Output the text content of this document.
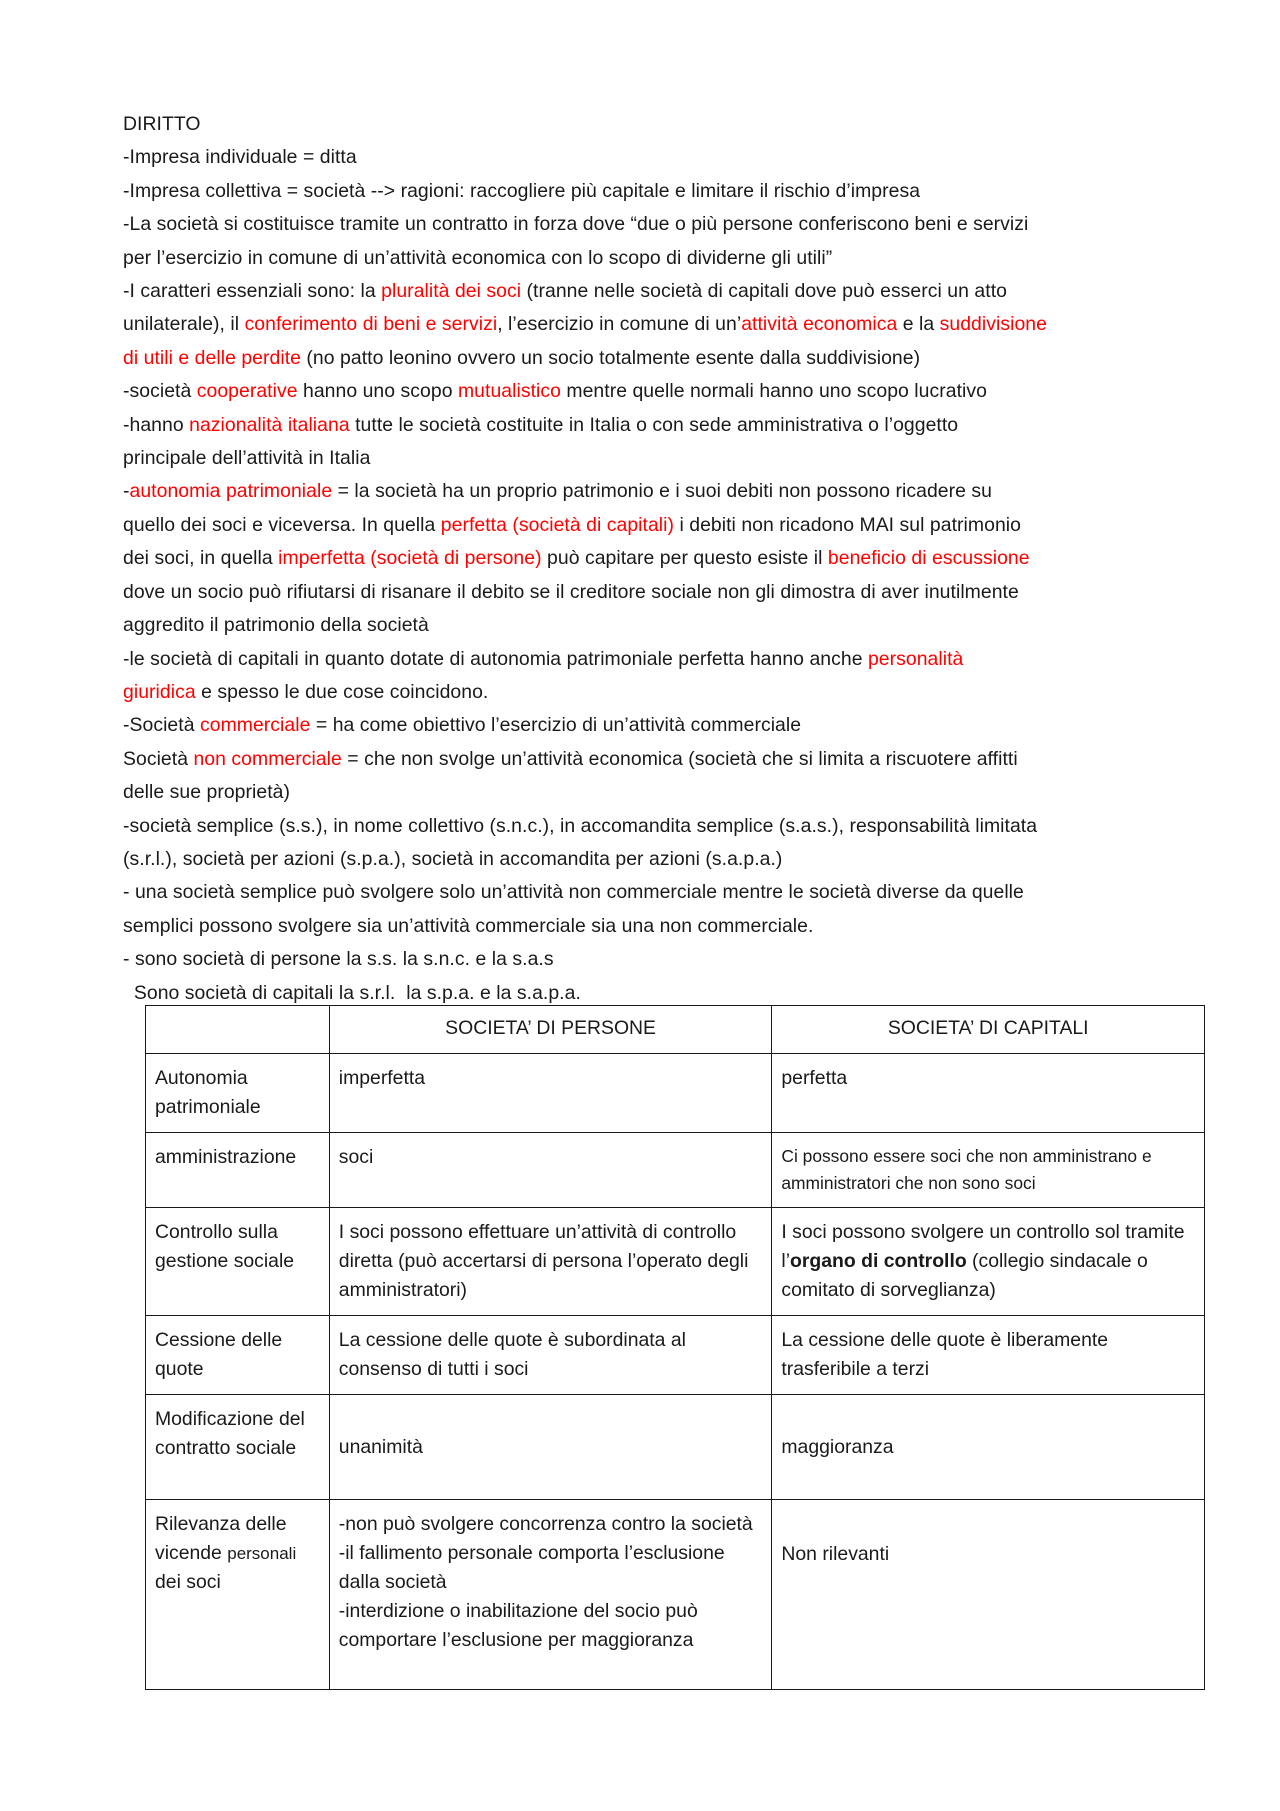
DIRITTO

-Impresa individuale = ditta

-Impresa collettiva = società --> ragioni: raccogliere più capitale e limitare il rischio d’impresa

-La società si costituisce tramite un contratto in forza dove “due o più persone conferiscono beni e servizi

per l’esercizio in comune di un’attività economica con lo scopo di dividerne gli utili”

-I caratteri essenziali sono: la pluralità dei soci (tranne nelle società di capitali dove può esserci un atto

unilaterale), il conferimento di beni e servizi, l’esercizio in comune di un’attività economica e la suddivisione

di utili e delle perdite (no patto leonino ovvero un socio totalmente esente dalla suddivisione)

-società cooperative hanno uno scopo mutualistico mentre quelle normali hanno uno scopo lucrativo

-hanno nazionalità italiana tutte le società costituite in Italia o con sede amministrativa o l’oggetto

principale dell’attività in Italia

-autonomia patrimoniale = la società ha un proprio patrimonio e i suoi debiti non possono ricadere su

quello dei soci e viceversa. In quella perfetta (società di capitali) i debiti non ricadono MAI sul patrimonio

dei soci, in quella imperfetta (società di persone) può capitare per questo esiste il beneficio di escussione

dove un socio può rifiutarsi di risanare il debito se il creditore sociale non gli dimostra di aver inutilmente

aggredito il patrimonio della società

-le società di capitali in quanto dotate di autonomia patrimoniale perfetta hanno anche personalità

giuridica e spesso le due cose coincidono.

-Società commerciale = ha come obiettivo l’esercizio di un’attività commerciale

Società non commerciale = che non svolge un’attività economica (società che si limita a riscuotere affitti

delle sue proprietà)

-società semplice (s.s.), in nome collettivo (s.n.c.), in accomandita semplice (s.a.s.), responsabilità limitata

(s.r.l.), società per azioni (s.p.a.), società in accomandita per azioni (s.a.p.a.)

- una società semplice può svolgere solo un’attività non commerciale mentre le società diverse da quelle

semplici possono svolgere sia un’attività commerciale sia una non commerciale.

- sono società di persone la s.s. la s.n.c. e la s.a.s

Sono società di capitali la s.r.l.  la s.p.a. e la s.a.p.a.

	SOCIETA’ DI PERSONE	SOCIETA’ DI CAPITALI
Autonomia patrimoniale	imperfetta	perfetta
amministrazione	soci	Ci possono essere soci che non amministrano e amministratori che non sono soci
Controllo sulla gestione sociale	I soci possono effettuare un’attività di controllo diretta (può accertarsi di persona l’operato degli amministratori)	I soci possono svolgere un controllo sol tramite l’organo di controllo (collegio sindacale o comitato di sorveglianza)
Cessione delle quote	La cessione delle quote è subordinata al consenso di tutti i soci	La cessione delle quote è liberamente trasferibile a terzi
Modificazione del contratto sociale	unanimità	maggioranza
Rilevanza delle vicende personali dei soci	-non può svolgere concorrenza contro la società
-il fallimento personale comporta l’esclusione dalla società
-interdizione o inabilitazione del socio può comportare l’esclusione per maggioranza	Non rilevanti
